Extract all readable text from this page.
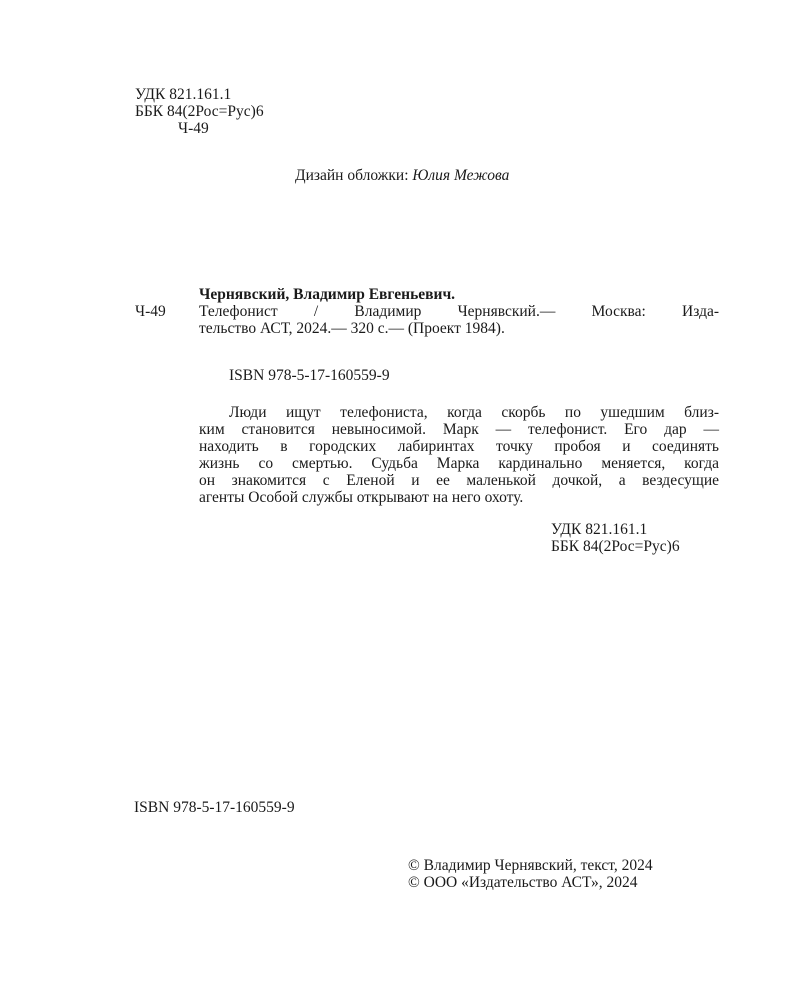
УДК 821.161.1
ББК 84(2Рос=Рус)6
Ч-49
Дизайн обложки: Юлия Межова
Чернявский, Владимир Евгеньевич.
Ч-49 Телефонист / Владимир Чернявский.— Москва: Изда-
тельство АСТ, 2024.— 320 с.— (Проект 1984).
ISBN 978-5-17-160559-9
Люди ищут телефониста, когда скорбь по ушедшим близ-
ким становится невыносимой. Марк — телефонист. Его дар —
находить в городских лабиринтах точку пробоя и соединять
жизнь со смертью. Судьба Марка кардинально меняется, когда
он знакомится с Еленой и ее маленькой дочкой, а вездесущие
агенты Особой службы открывают на него охоту.
УДК 821.161.1
ББК 84(2Рос=Рус)6
ISBN 978-5-17-160559-9
© Владимир Чернявский, текст, 2024
© ООО «Издательство АСТ», 2024
